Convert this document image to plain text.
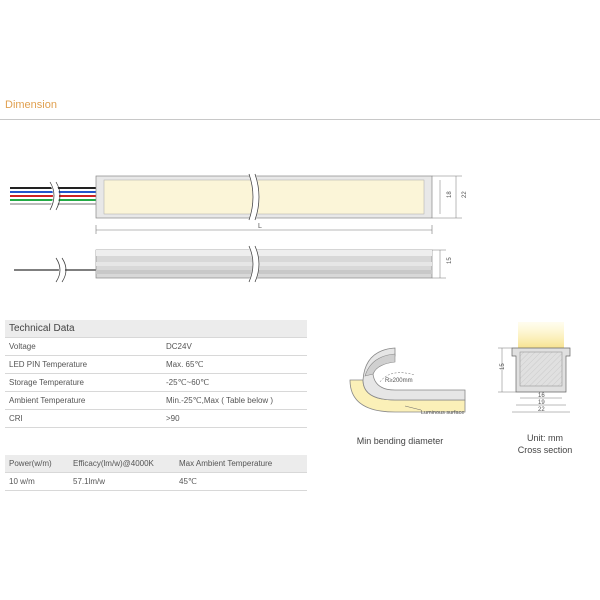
Dimension
L
18 22
15
Technical Data
Voltage	DC24V
LED PIN Temperature	Max. 65℃
Storage Temperature	-25℃~60℃
Ambient Temperature	Min.-25℃,Max ( Table below )
CRI	>90
Power(w/m)	Efficacy(lm/w)@4000K	Max Ambient Temperature
10 w/m	57.1lm/w	45℃
R≥200mm
Luminous surface
Min bending diameter
15
16
19
22
Unit: mm
Cross section
